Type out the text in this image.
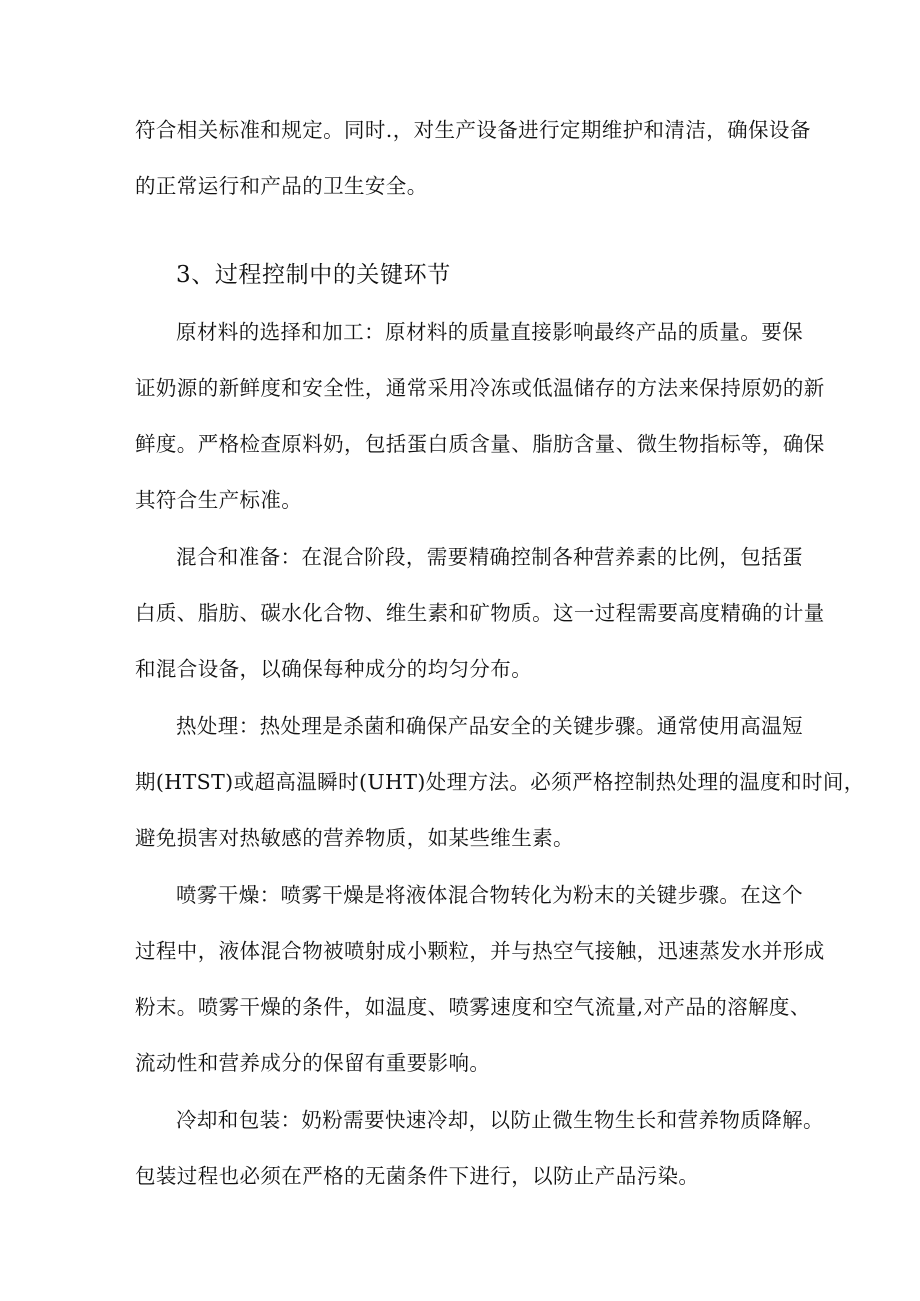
符合相关标准和规定。同时.，对生产设备进行定期维护和清洁，确保设备
的正常运行和产品的卫生安全。
3、过程控制中的关键环节
原材料的选择和加工：原材料的质量直接影响最终产品的质量。要保
证奶源的新鲜度和安全性，通常采用冷冻或低温储存的方法来保持原奶的新
鲜度。严格检查原料奶，包括蛋白质含量、脂肪含量、微生物指标等，确保
其符合生产标准。
混合和准备：在混合阶段，需要精确控制各种营养素的比例，包括蛋
白质、脂肪、碳水化合物、维生素和矿物质。这一过程需要高度精确的计量
和混合设备，以确保每种成分的均匀分布。
热处理：热处理是杀菌和确保产品安全的关键步骤。通常使用高温短
期(HTST)或超高温瞬时(UHT)处理方法。必须严格控制热处理的温度和时间，
避免损害对热敏感的营养物质，如某些维生素。
喷雾干燥：喷雾干燥是将液体混合物转化为粉末的关键步骤。在这个
过程中，液体混合物被喷射成小颗粒，并与热空气接触，迅速蒸发水并形成
粉末。喷雾干燥的条件，如温度、喷雾速度和空气流量,对产品的溶解度、
流动性和营养成分的保留有重要影响。
冷却和包装：奶粉需要快速冷却，以防止微生物生长和营养物质降解。
包装过程也必须在严格的无菌条件下进行，以防止产品污染。
